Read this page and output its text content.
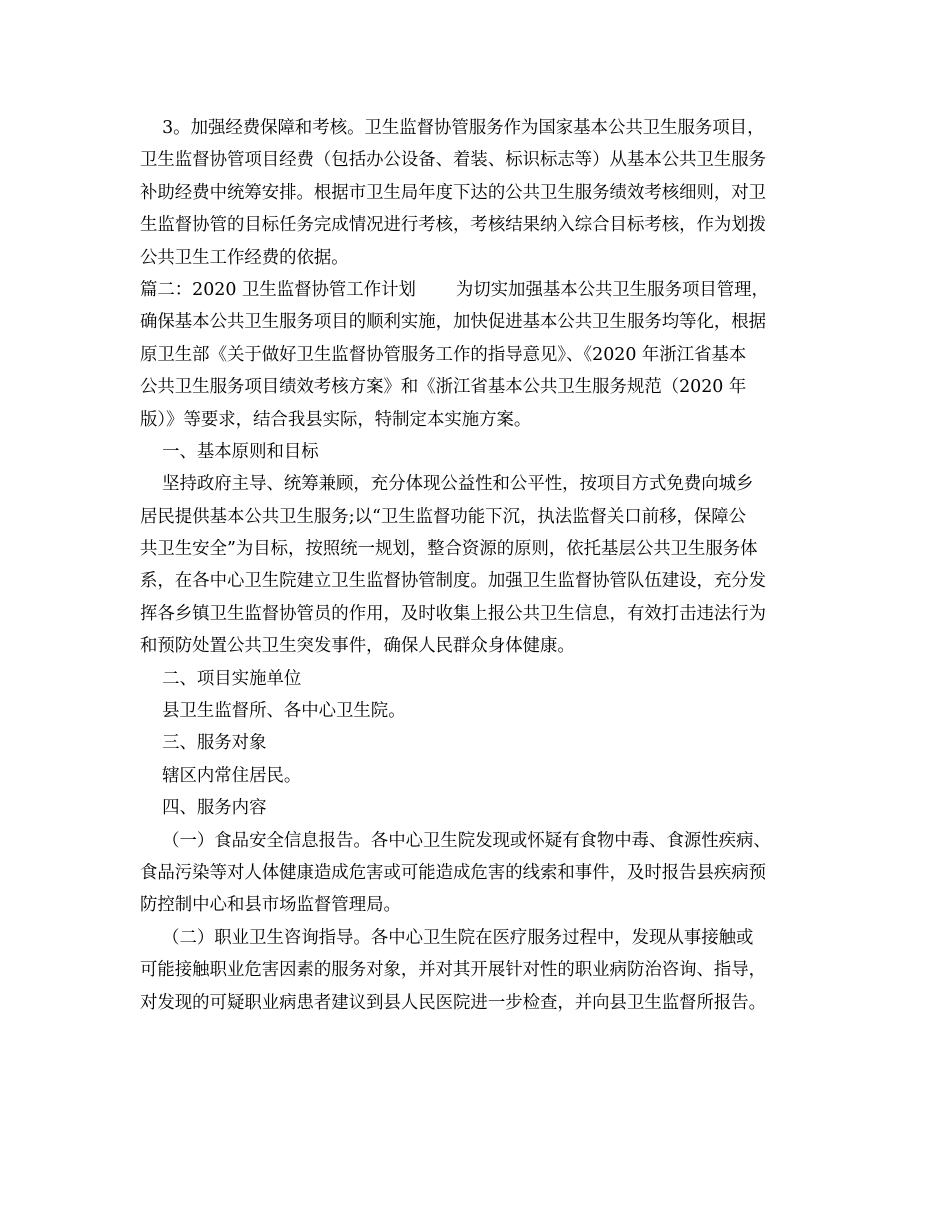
3。加强经费保障和考核。卫生监督协管服务作为国家基本公共卫生服务项目，
卫生监督协管项目经费（包括办公设备、着装、标识标志等）从基本公共卫生服务
补助经费中统筹安排。根据市卫生局年度下达的公共卫生服务绩效考核细则，对卫
生监督协管的目标任务完成情况进行考核，考核结果纳入综合目标考核，作为划拨
公共卫生工作经费的依据。
篇二：2020 卫生监督协管工作计划 为切实加强基本公共卫生服务项目管理，
确保基本公共卫生服务项目的顺利实施，加快促进基本公共卫生服务均等化，根据
原卫生部《关于做好卫生监督协管服务工作的指导意见》、《2020 年浙江省基本
公共卫生服务项目绩效考核方案》和《浙江省基本公共卫生服务规范（2020 年
版）》等要求，结合我县实际，特制定本实施方案。
一、基本原则和目标
坚持政府主导、统筹兼顾，充分体现公益性和公平性，按项目方式免费向城乡
居民提供基本公共卫生服务;以“卫生监督功能下沉，执法监督关口前移，保障公
共卫生安全”为目标，按照统一规划，整合资源的原则，依托基层公共卫生服务体
系，在各中心卫生院建立卫生监督协管制度。加强卫生监督协管队伍建设，充分发
挥各乡镇卫生监督协管员的作用，及时收集上报公共卫生信息，有效打击违法行为
和预防处置公共卫生突发事件，确保人民群众身体健康。
二、项目实施单位
县卫生监督所、各中心卫生院。
三、服务对象
辖区内常住居民。
四、服务内容
（一）食品安全信息报告。各中心卫生院发现或怀疑有食物中毒、食源性疾病、
食品污染等对人体健康造成危害或可能造成危害的线索和事件，及时报告县疾病预
防控制中心和县市场监督管理局。
（二）职业卫生咨询指导。各中心卫生院在医疗服务过程中，发现从事接触或
可能接触职业危害因素的服务对象，并对其开展针对性的职业病防治咨询、指导，
对发现的可疑职业病患者建议到县人民医院进一步检查，并向县卫生监督所报告。
